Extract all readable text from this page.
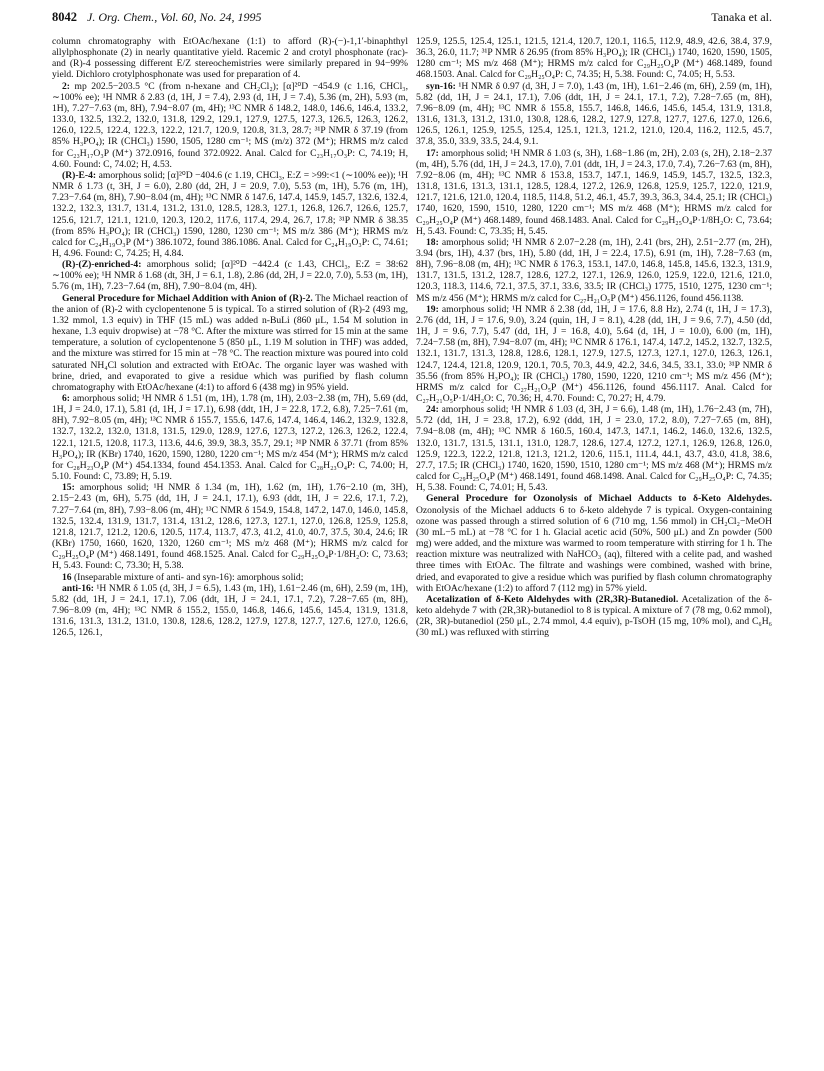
8042 J. Org. Chem., Vol. 60, No. 24, 1995	Tanaka et al.

column chromatography with EtOAc/hexane (1:1) to afford (R)-(−)-1,1′-binaphthyl allylphosphonate (2) in nearly quantitative yield. Racemic 2 and crotyl phosphonate (rac)- and (R)-4 possessing different E/Z stereochemistries were similarly prepared in 94−99% yield. Dichloro crotylphosphonate was used for preparation of 4.

2: mp 202.5−203.5 °C (from n-hexane and CH₂Cl₂); [α]²⁰D −454.9 (c 1.16, CHCl₃, ∼100% ee); ¹H NMR δ 2.83 (d, 1H, J = 7.4), 2.93 (d, 1H, J = 7.4), 5.36 (m, 2H), 5.93 (m, 1H), 7.27−7.63 (m, 8H), 7.94−8.07 (m, 4H); ¹³C NMR δ 148.2, 148.0, 146.6, 146.4, 133.2, 133.0, 132.5, 132.2, 132.0, 131.8, 129.2, 129.1, 127.9, 127.5, 127.3, 126.5, 126.3, 126.2, 126.0, 122.5, 122.4, 122.3, 122.2, 121.7, 120.9, 120.8, 31.3, 28.7; ³¹P NMR δ 37.19 (from 85% H₃PO₄); IR (CHCl₃) 1590, 1505, 1280 cm⁻¹; MS (m/z) 372 (M⁺); HRMS m/z calcd for C₂₃H₁₇O₃P (M⁺) 372.0916, found 372.0922. Anal. Calcd for C₂₃H₁₇O₃P: C, 74.19; H, 4.60. Found: C, 74.02; H, 4.53.

(R)-E-4: amorphous solid; [α]²⁰D −404.6 (c 1.19, CHCl₃, E:Z = >99:<1 (∼100% ee)); ¹H NMR δ 1.73 (t, 3H, J = 6.0), 2.80 (dd, 2H, J = 20.9, 7.0), 5.53 (m, 1H), 5.76 (m, 1H), 7.23−7.64 (m, 8H), 7.90−8.04 (m, 4H); ¹³C NMR δ 147.6, 147.4, 145.9, 145.7, 132.6, 132.4, 132.2, 132.3, 131.7, 131.4, 131.2, 131.0, 128.5, 128.3, 127.1, 126.8, 126.7, 126.6, 125.7, 125.6, 121.7, 121.1, 121.0, 120.3, 120.2, 117.6, 117.4, 29.4, 26.7, 17.8; ³¹P NMR δ 38.35 (from 85% H₃PO₄); IR (CHCl₃) 1590, 1280, 1230 cm⁻¹; MS m/z 386 (M⁺); HRMS m/z calcd for C₂₄H₁₉O₃P (M⁺) 386.1072, found 386.1086. Anal. Calcd for C₂₄H₁₉O₃P: C, 74.61; H, 4.96. Found: C, 74.25; H, 4.84.

(R)-(Z)-enriched-4: amorphous solid; [α]²⁰D −442.4 (c 1.43, CHCl₃, E:Z = 38:62 ∼100% ee); ¹H NMR δ 1.68 (dt, 3H, J = 6.1, 1.8), 2.86 (dd, 2H, J = 22.0, 7.0), 5.53 (m, 1H), 5.76 (m, 1H), 7.23−7.64 (m, 8H), 7.90−8.04 (m, 4H).

General Procedure for Michael Addition with Anion of (R)-2. The Michael reaction of the anion of (R)-2 with cyclopentenone 5 is typical. To a stirred solution of (R)-2 (493 mg, 1.32 mmol, 1.3 equiv) in THF (15 mL) was added n-BuLi (860 μL, 1.54 M solution in hexane, 1.3 equiv dropwise) at −78 °C. After the mixture was stirred for 15 min at the same temperature, a solution of cyclopentenone 5 (850 μL, 1.19 M solution in THF) was added, and the mixture was stirred for 15 min at −78 °C. The reaction mixture was poured into cold saturated NH₄Cl solution and extracted with EtOAc. The organic layer was washed with brine, dried, and evaporated to give a residue which was purified by flash column chromatography with EtOAc/hexane (4:1) to afford 6 (438 mg) in 95% yield.

6: amorphous solid; ¹H NMR δ 1.51 (m, 1H), 1.78 (m, 1H), 2.03−2.38 (m, 7H), 5.69 (dd, 1H, J = 24.0, 17.1), 5.81 (d, 1H, J = 17.1), 6.98 (ddt, 1H, J = 22.8, 17.2, 6.8), 7.25−7.61 (m, 8H), 7.92−8.05 (m, 4H); ¹³C NMR δ 155.7, 155.6, 147.6, 147.4, 146.4, 146.2, 132.9, 132.8, 132.7, 132.2, 132.0, 131.8, 131.5, 129.0, 128.9, 127.6, 127.3, 127.2, 126.3, 126.2, 122.4, 122.1, 121.5, 120.8, 117.3, 113.6, 44.6, 39.9, 38.3, 35.7, 29.1; ³¹P NMR δ 37.71 (from 85% H₃PO₄); IR (KBr) 1740, 1620, 1590, 1280, 1220 cm⁻¹; MS m/z 454 (M⁺); HRMS m/z calcd for C₂₈H₂₃O₄P (M⁺) 454.1334, found 454.1353. Anal. Calcd for C₂₈H₂₃O₄P: C, 74.00; H, 5.10. Found: C, 73.89; H, 5.19.

15: amorphous solid; ¹H NMR δ 1.34 (m, 1H), 1.62 (m, 1H), 1.76−2.10 (m, 3H), 2.15−2.43 (m, 6H), 5.75 (dd, 1H, J = 24.1, 17.1), 6.93 (ddt, 1H, J = 22.6, 17.1, 7.2), 7.27−7.64 (m, 8H), 7.93−8.06 (m, 4H); ¹³C NMR δ 154.9, 154.8, 147.2, 147.0, 146.0, 145.8, 132.5, 132.4, 131.9, 131.7, 131.4, 131.2, 128.6, 127.3, 127.1, 127.0, 126.8, 125.9, 125.8, 121.8, 121.7, 121.2, 120.6, 120.5, 117.4, 113.7, 47.3, 41.2, 41.0, 40.7, 37.5, 30.4, 24.6; IR (KBr) 1750, 1660, 1620, 1320, 1260 cm⁻¹; MS m/z 468 (M⁺); HRMS m/z calcd for C₂₉H₂₅O₄P (M⁺) 468.1491, found 468.1525. Anal. Calcd for C₂₉H₂₅O₄P·1/8H₂O: C, 73.63; H, 5.43. Found: C, 73.30; H, 5.38.

16 (Inseparable mixture of anti- and syn-16): amorphous solid;

anti-16: ¹H NMR δ 1.05 (d, 3H, J = 6.5), 1.43 (m, 1H), 1.61−2.46 (m, 6H), 2.59 (m, 1H), 5.82 (dd, 1H, J = 24.1, 17.1), 7.06 (ddt, 1H, J = 24.1, 17.1, 7.2), 7.28−7.65 (m, 8H), 7.96−8.09 (m, 4H); ¹³C NMR δ 155.2, 155.0, 146.8, 146.6, 145.6, 145.4, 131.9, 131.8, 131.6, 131.3, 131.2, 131.0, 130.8, 128.6, 128.2, 127.9, 127.8, 127.7, 127.6, 127.0, 126.6, 126.5, 126.1,

125.9, 125.5, 125.4, 125.1, 121.5, 121.4, 120.7, 120.1, 116.5, 112.9, 48.9, 42.6, 38.4, 37.9, 36.3, 26.0, 11.7; ³¹P NMR δ 26.95 (from 85% H₃PO₄); IR (CHCl₃) 1740, 1620, 1590, 1505, 1280 cm⁻¹; MS m/z 468 (M⁺); HRMS m/z calcd for C₂₉H₂₅O₄P (M⁺) 468.1489, found 468.1503. Anal. Calcd for C₂₉H₂₅O₄P: C, 74.35; H, 5.38. Found: C, 74.05; H, 5.53.

syn-16: ¹H NMR δ 0.97 (d, 3H, J = 7.0), 1.43 (m, 1H), 1.61−2.46 (m, 6H), 2.59 (m, 1H), 5.82 (dd, 1H, J = 24.1, 17.1), 7.06 (ddt, 1H, J = 24.1, 17.1, 7.2), 7.28−7.65 (m, 8H), 7.96−8.09 (m, 4H); ¹³C NMR δ 155.8, 155.7, 146.8, 146.6, 145.6, 145.4, 131.9, 131.8, 131.6, 131.3, 131.2, 131.0, 130.8, 128.6, 128.2, 127.9, 127.8, 127.7, 127.6, 127.0, 126.6, 126.5, 126.1, 125.9, 125.5, 125.4, 125.1, 121.3, 121.2, 121.0, 120.4, 116.2, 112.5, 45.7, 37.8, 35.0, 33.9, 33.5, 24.4, 9.1.

17: amorphous solid; ¹H NMR δ 1.03 (s, 3H), 1.68−1.86 (m, 2H), 2.03 (s, 2H), 2.18−2.37 (m, 4H), 5.76 (dd, 1H, J = 24.3, 17.0), 7.01 (ddt, 1H, J = 24.3, 17.0, 7.4), 7.26−7.63 (m, 8H), 7.92−8.06 (m, 4H); ¹³C NMR δ 153.8, 153.7, 147.1, 146.9, 145.9, 145.7, 132.5, 132.3, 131.8, 131.6, 131.3, 131.1, 128.5, 128.4, 127.2, 126.9, 126.8, 125.9, 125.7, 122.0, 121.9, 121.7, 121.6, 121.0, 120.4, 118.5, 114.8, 51.2, 46.1, 45.7, 39.3, 36.3, 34.4, 25.1; IR (CHCl₃) 1740, 1620, 1590, 1510, 1280, 1220 cm⁻¹; MS m/z 468 (M⁺); HRMS m/z calcd for C₂₉H₂₅O₄P (M⁺) 468.1489, found 468.1483. Anal. Calcd for C₂₉H₂₅O₄P·1/8H₂O: C, 73.64; H, 5.43. Found: C, 73.35; H, 5.45.

18: amorphous solid; ¹H NMR δ 2.07−2.28 (m, 1H), 2.41 (brs, 2H), 2.51−2.77 (m, 2H), 3.94 (brs, 1H), 4.37 (brs, 1H), 5.80 (dd, 1H, J = 22.4, 17.5), 6.91 (m, 1H), 7.28−7.63 (m, 8H), 7.96−8.08 (m, 4H); ¹³C NMR δ 176.3, 153.1, 147.0, 146.8, 145.8, 145.6, 132.3, 131.9, 131.7, 131.5, 131.2, 128.7, 128.6, 127.2, 127.1, 126.9, 126.0, 125.9, 122.0, 121.6, 121.0, 120.3, 118.3, 114.6, 72.1, 37.5, 37.1, 33.6, 33.5; IR (CHCl₃) 1775, 1510, 1275, 1230 cm⁻¹; MS m/z 456 (M⁺); HRMS m/z calcd for C₂₇H₂₁O₅P (M⁺) 456.1126, found 456.1138.

19: amorphous solid; ¹H NMR δ 2.38 (dd, 1H, J = 17.6, 8.8 Hz), 2.74 (t, 1H, J = 17.3), 2.76 (dd, 1H, J = 17.6, 9.0), 3.24 (quin, 1H, J = 8.1), 4.28 (dd, 1H, J = 9.6, 7.7), 4.50 (dd, 1H, J = 9.6, 7.7), 5.47 (dd, 1H, J = 16.8, 4.0), 5.64 (d, 1H, J = 10.0), 6.00 (m, 1H), 7.24−7.58 (m, 8H), 7.94−8.07 (m, 4H); ¹³C NMR δ 176.1, 147.4, 147.2, 145.2, 132.7, 132.5, 132.1, 131.7, 131.3, 128.8, 128.6, 128.1, 127.9, 127.5, 127.3, 127.1, 127.0, 126.3, 126.1, 124.7, 124.4, 121.8, 120.9, 120.1, 70.5, 70.3, 44.9, 42.2, 34.6, 34.5, 33.1, 33.0; ³¹P NMR δ 35.56 (from 85% H₃PO₄); IR (CHCl₃) 1780, 1590, 1220, 1210 cm⁻¹; MS m/z 456 (M⁺); HRMS m/z calcd for C₂₇H₂₁O₅P (M⁺) 456.1126, found 456.1117. Anal. Calcd for C₂₇H₂₁O₅P·1/4H₂O: C, 70.36; H, 4.70. Found: C, 70.27; H, 4.79.

24: amorphous solid; ¹H NMR δ 1.03 (d, 3H, J = 6.6), 1.48 (m, 1H), 1.76−2.43 (m, 7H), 5.72 (dd, 1H, J = 23.8, 17.2), 6.92 (ddd, 1H, J = 23.0, 17.2, 8.0), 7.27−7.65 (m, 8H), 7.94−8.08 (m, 4H); ¹³C NMR δ 160.5, 160.4, 147.3, 147.1, 146.2, 146.0, 132.6, 132.5, 132.0, 131.7, 131.5, 131.1, 131.0, 128.7, 128.6, 127.4, 127.2, 127.1, 126.9, 126.8, 126.0, 125.9, 122.3, 122.2, 121.8, 121.3, 121.2, 120.6, 115.1, 111.4, 44.1, 43.7, 43.0, 41.8, 38.6, 27.7, 17.5; IR (CHCl₃) 1740, 1620, 1590, 1510, 1280 cm⁻¹; MS m/z 468 (M⁺); HRMS m/z calcd for C₂₉H₂₅O₄P (M⁺) 468.1491, found 468.1498. Anal. Calcd for C₂₉H₂₅O₄P: C, 74.35; H, 5.38. Found: C, 74.01; H, 5.43.

General Procedure for Ozonolysis of Michael Adducts to δ-Keto Aldehydes. Ozonolysis of the Michael adducts 6 to δ-keto aldehyde 7 is typical. Oxygen-containing ozone was passed through a stirred solution of 6 (710 mg, 1.56 mmol) in CH₂Cl₂−MeOH (30 mL−5 mL) at −78 °C for 1 h. Glacial acetic acid (50%, 500 μL) and Zn powder (500 mg) were added, and the mixture was warmed to room temperature with stirring for 1 h. The reaction mixture was neutralized with NaHCO₃ (aq), filtered with a celite pad, and washed three times with EtOAc. The filtrate and washings were combined, washed with brine, dried, and evaporated to give a residue which was purified by flash column chromatography with EtOAc/hexane (1:2) to afford 7 (112 mg) in 57% yield.

Acetalization of δ-Keto Aldehydes with (2R,3R)-Butanediol. Acetalization of the δ-keto aldehyde 7 with (2R,3R)-butanediol to 8 is typical. A mixture of 7 (78 mg, 0.62 mmol), (2R, 3R)-butanediol (250 μL, 2.74 mmol, 4.4 equiv), p-TsOH (15 mg, 10% mol), and C₆H₆ (30 mL) was refluxed with stirring
